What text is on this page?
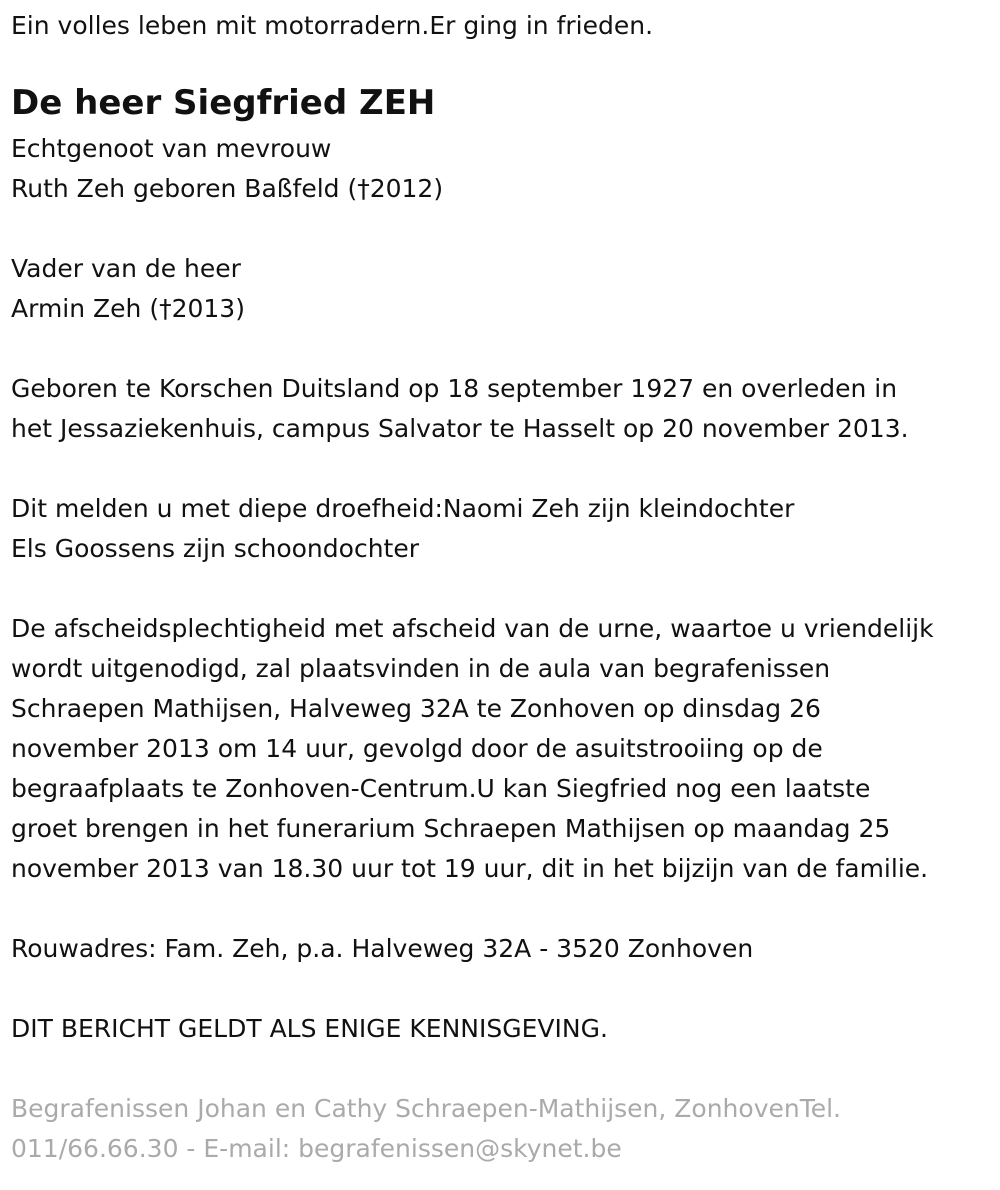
Ein volles leben mit motorradern.Er ging in frieden.

De heer Siegfried ZEH

Echtgenoot van mevrouw

Ruth Zeh geboren Baßfeld (†2012)

Vader van de heer

Armin Zeh (†2013)

Geboren te Korschen Duitsland op 18 september 1927 en overleden in

het Jessaziekenhuis, campus Salvator te Hasselt op 20 november 2013.

Dit melden u met diepe droefheid:Naomi Zeh zijn kleindochter

Els Goossens zijn schoondochter

De afscheidsplechtigheid met afscheid van de urne, waartoe u vriendelijk

wordt uitgenodigd, zal plaatsvinden in de aula van begrafenissen

Schraepen Mathijsen, Halveweg 32A te Zonhoven op dinsdag 26

november 2013 om 14 uur, gevolgd door de asuitstrooiing op de

begraafplaats te Zonhoven-Centrum.U kan Siegfried nog een laatste

groet brengen in het funerarium Schraepen Mathijsen op maandag 25

november 2013 van 18.30 uur tot 19 uur, dit in het bijzijn van de familie.

Rouwadres: Fam. Zeh, p.a. Halveweg 32A - 3520 Zonhoven

DIT BERICHT GELDT ALS ENIGE KENNISGEVING.

Begrafenissen Johan en Cathy Schraepen-Mathijsen, ZonhovenTel.

011/66.66.30 - E-mail: begrafenissen@skynet.be
